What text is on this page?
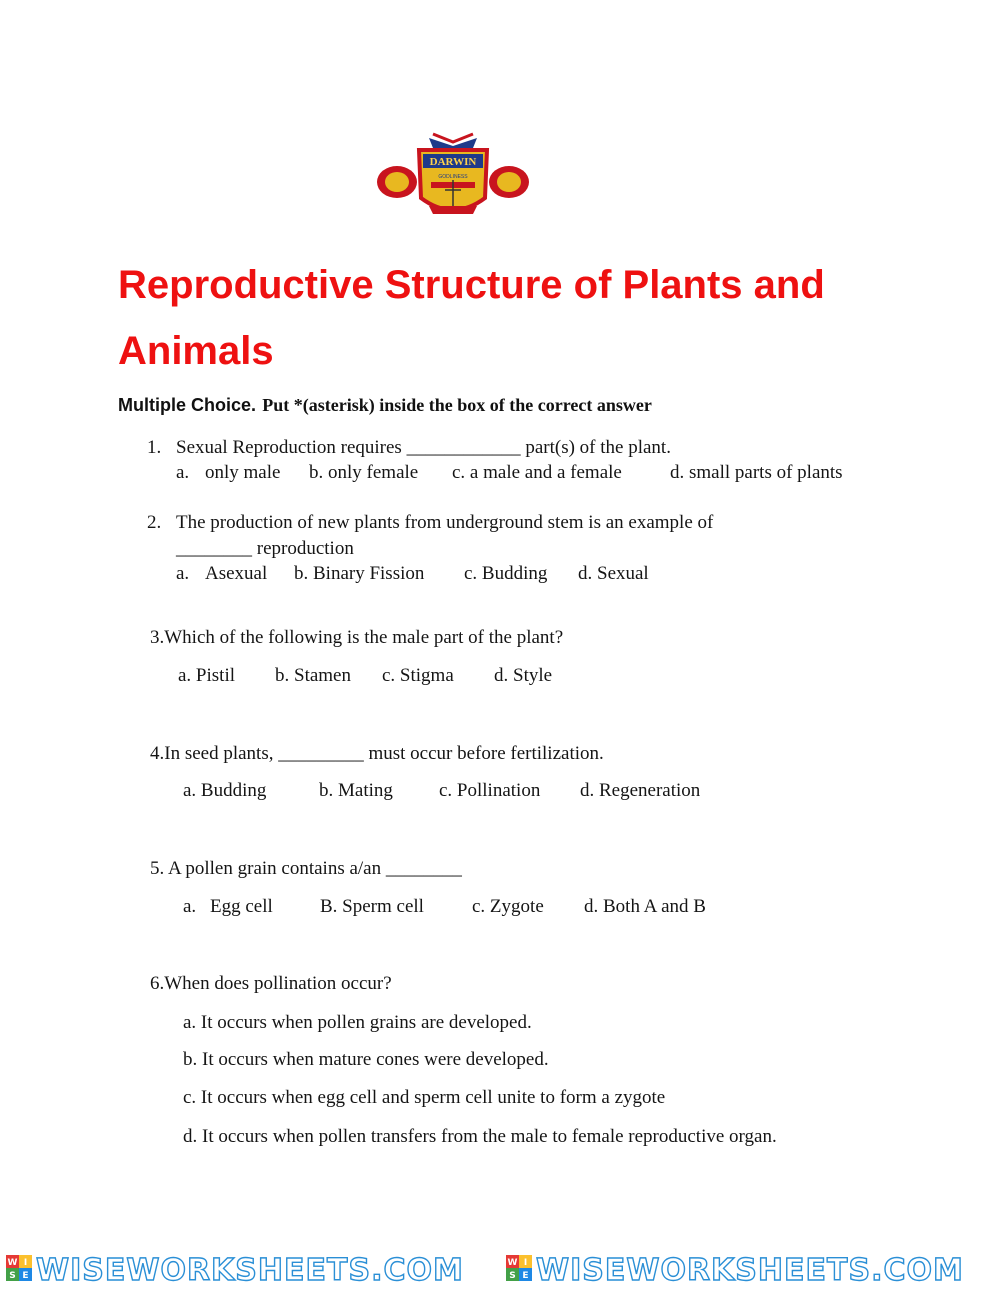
DARWIN
GODLINESS
Reproductive Structure of Plants and Animals
Multiple Choice. Put *(asterisk) inside the box of the correct answer
1. Sexual Reproduction requires ____________ part(s) of the plant.
a. only male b. only female c. a male and a female	d. small parts of plants
2. The production of new plants from underground stem is an example of
________ reproduction
a. Asexual b. Binary Fission c. Budding d. Sexual
3.Which of the following is the male part of the plant?
a. Pistil b. Stamen c. Stigma d. Style
4.In seed plants, _________ must occur before fertilization.
a. Budding	b. Mating c. Pollination d. Regeneration
5. A pollen grain contains a/an ________
a. Egg cell B. Sperm cell	c. Zygote d. Both A and B
6.When does pollination occur?
a. It occurs when pollen grains are developed.
b. It occurs when mature cones were developed.
c. It occurs when egg cell and sperm cell unite to form a zygote
d. It occurs when pollen transfers from the male to female reproductive organ.
W I
S E WISEWORKSHEETS.COM	W I
S E WISEWORKSHEETS.COM
